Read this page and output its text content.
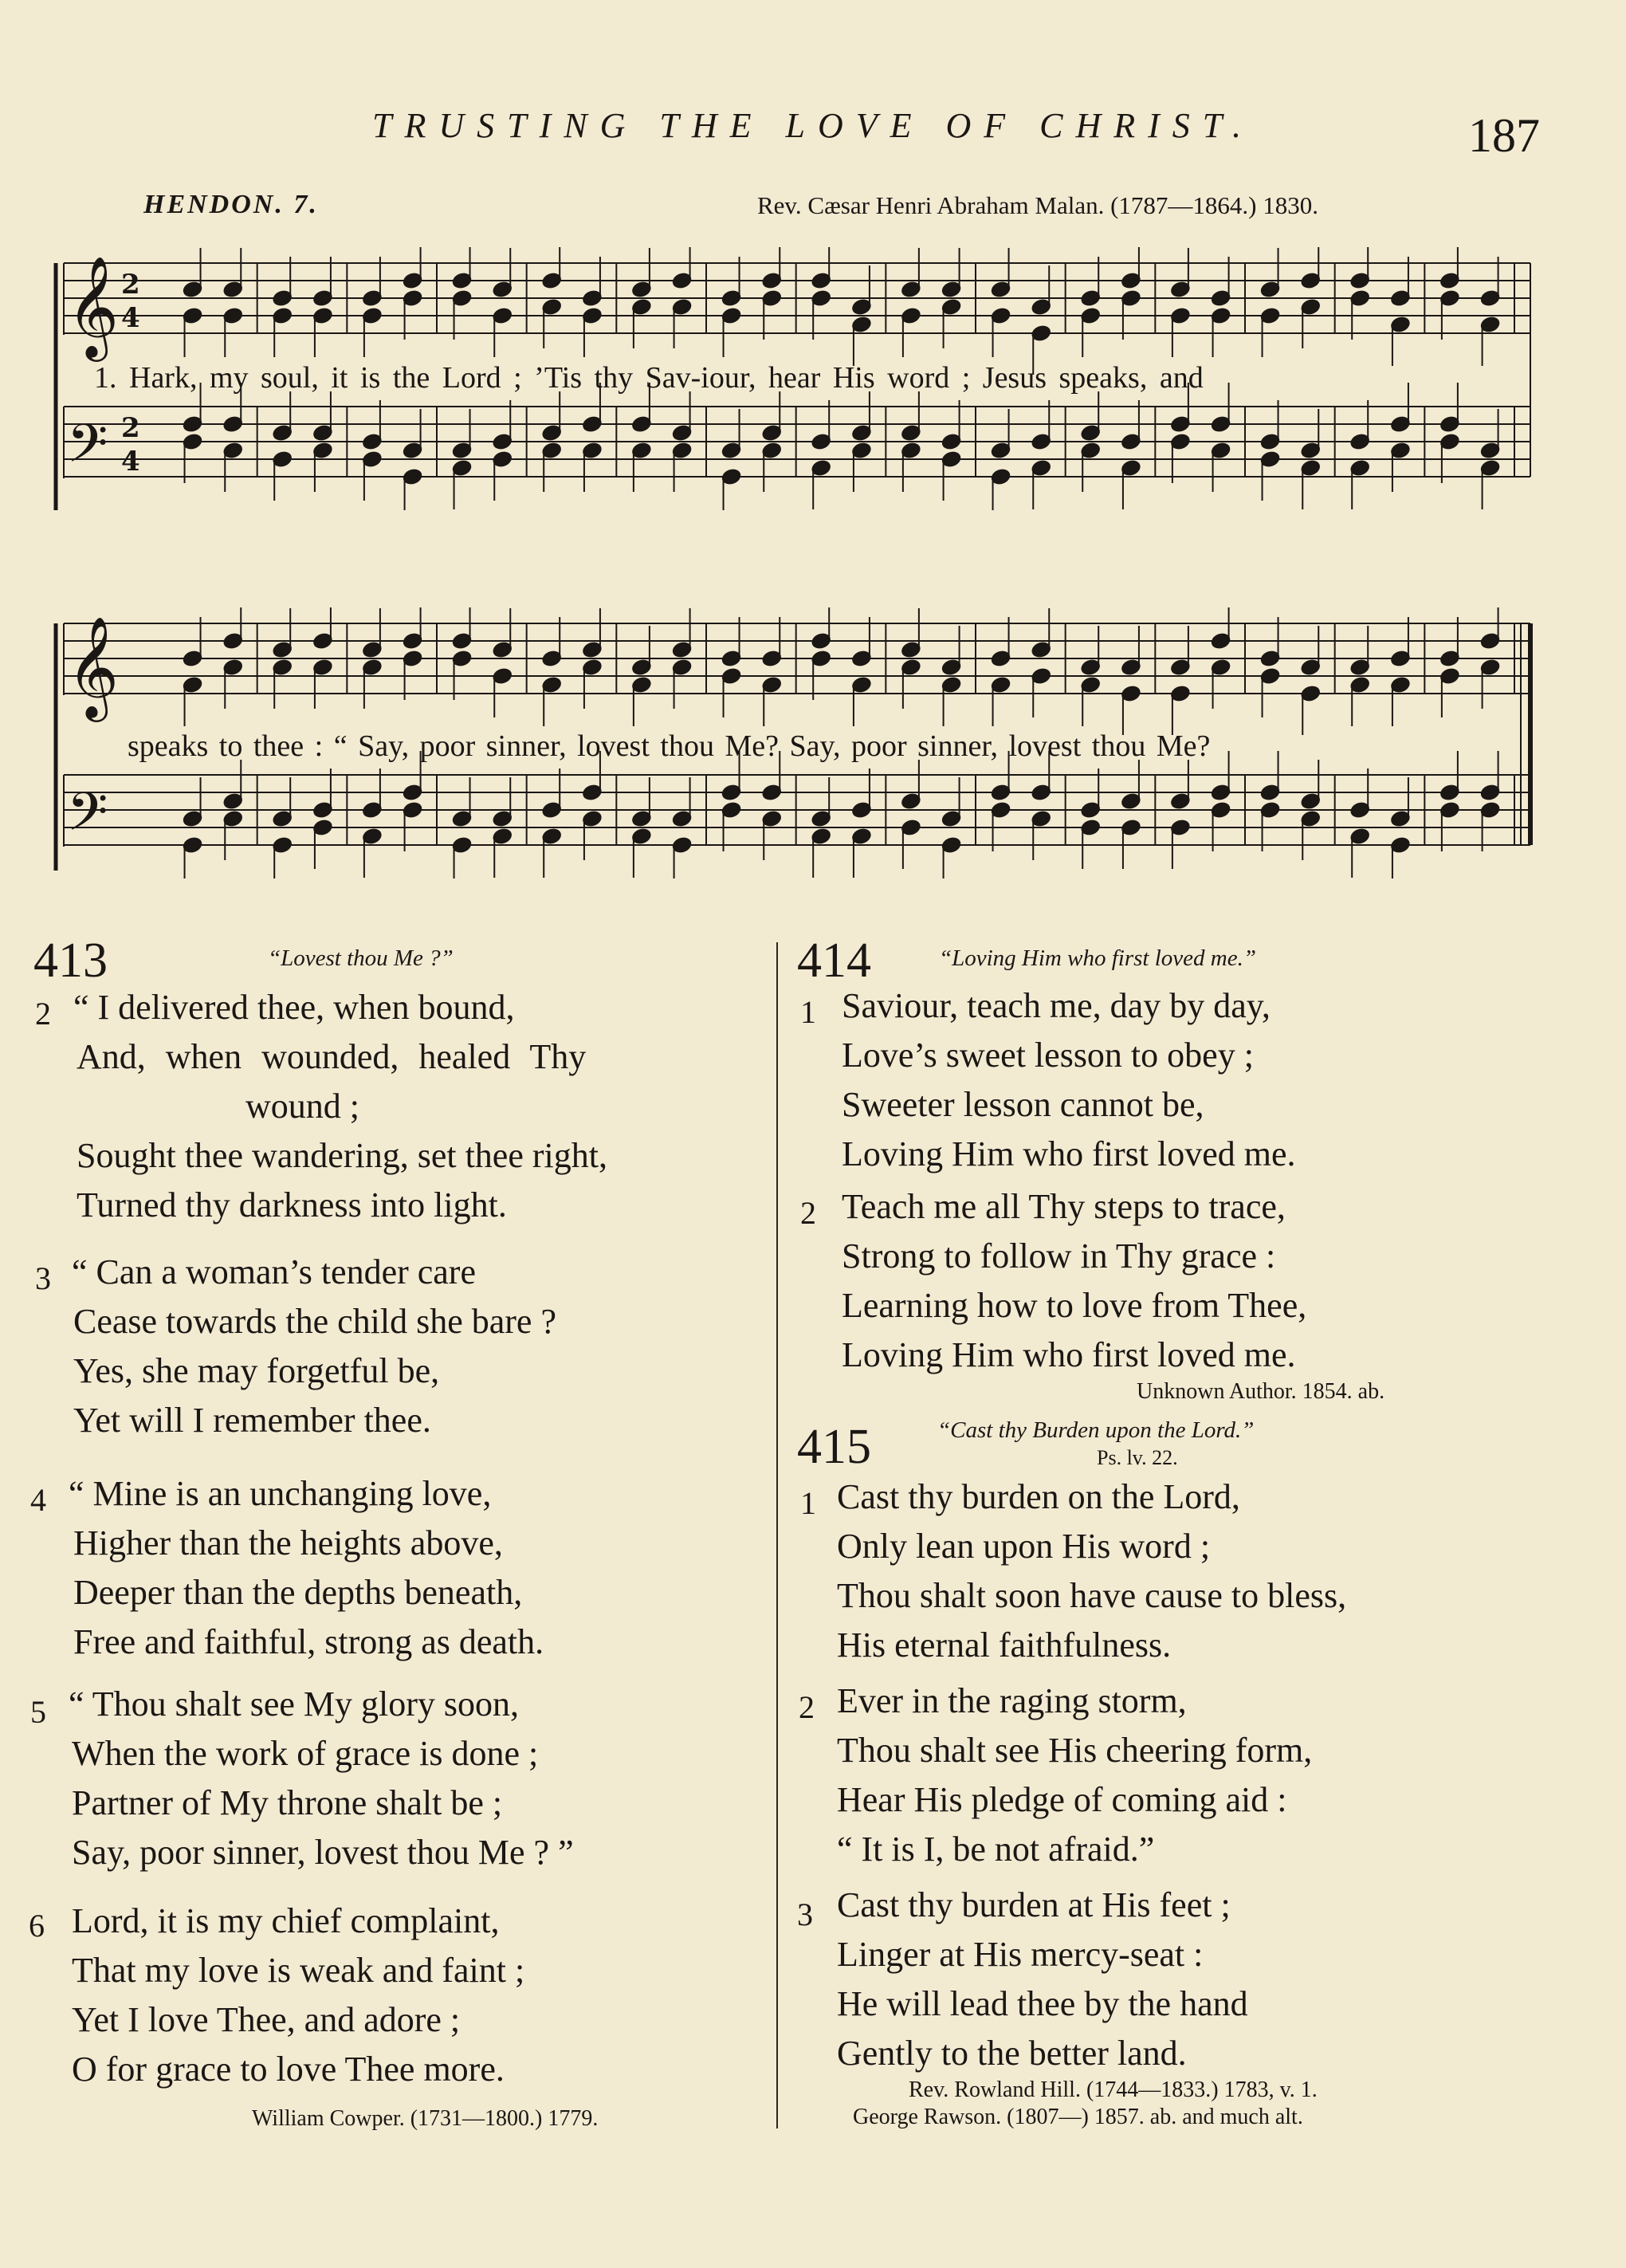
TRUSTING THE LOVE OF CHRIST.	187
HENDON. 7.	Rev. Cæsar Henri Abraham Malan. (1787—1864.) 1830.
𝄞
𝄢
2
4
2
4
1. Hark, my soul, it is the Lord ; ’Tis thy Sav-iour, hear His word ; Jesus speaks, and
𝄞
𝄢
speaks to thee : “ Say, poor sinner, lovest thou Me? Say, poor sinner, lovest thou Me?
413	“Lovest thou Me ?”
2 “ I delivered thee, when bound,
And, when wounded, healed Thy
wound ;
Sought thee wandering, set thee right,
Turned thy darkness into light.
3 “ Can a woman’s tender care
Cease towards the child she bare ?
Yes, she may forgetful be,
Yet will I remember thee.
4 “ Mine is an unchanging love,
Higher than the heights above,
Deeper than the depths beneath,
Free and faithful, strong as death.
5 “ Thou shalt see My glory soon,
When the work of grace is done ;
Partner of My throne shalt be ;
Say, poor sinner, lovest thou Me ? ”
6 Lord, it is my chief complaint,
That my love is weak and faint ;
Yet I love Thee, and adore ;
O for grace to love Thee more.
William Cowper. (1731—1800.) 1779.
414	“Loving Him who first loved me.”
1 Saviour, teach me, day by day,
Love’s sweet lesson to obey ;
Sweeter lesson cannot be,
Loving Him who first loved me.
2 Teach me all Thy steps to trace,
Strong to follow in Thy grace :
Learning how to love from Thee,
Loving Him who first loved me.
Unknown Author. 1854. ab.
415	“Cast thy Burden upon the Lord.”
Ps. lv. 22.
1 Cast thy burden on the Lord,
Only lean upon His word ;
Thou shalt soon have cause to bless,
His eternal faithfulness.
2 Ever in the raging storm,
Thou shalt see His cheering form,
Hear His pledge of coming aid :
“ It is I, be not afraid.”
3 Cast thy burden at His feet ;
Linger at His mercy-seat :
He will lead thee by the hand
Gently to the better land.
Rev. Rowland Hill. (1744—1833.) 1783, v. 1.
George Rawson. (1807—) 1857. ab. and much alt.
